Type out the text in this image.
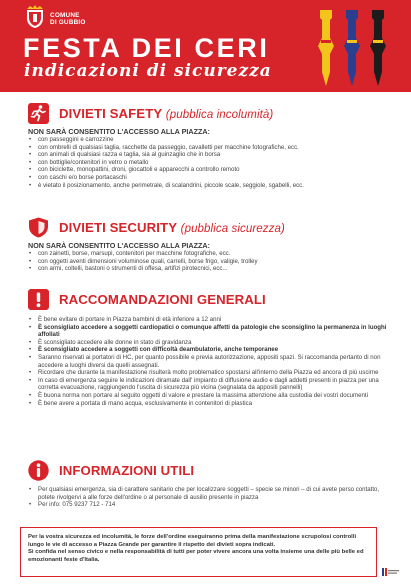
COMUNE
DI GUBBIO
FESTA DEI CERI
indicazioni di sicurezza
DIVIETI SAFETY (pubblica incolumità)
NON SARÀ CONSENTITO L'ACCESSO ALLA PIAZZA:
• con passeggini e carrozzine
• con ombrelli di qualsiasi taglia, racchette da passeggio, cavalletti per macchine fotografiche, ecc.
• con animali di qualsiasi razza e taglia, sia al guinzaglio che in borsa
• con bottiglie/contenitori in vetro o metallo
• con biciclette, monopattini, droni, giocattoli e apparecchi a controllo remoto
• con caschi e/o borse portacaschi
• è vietato il posizionamento, anche perimetrale, di scalandrini, piccole scale, seggiole, sgabelli, ecc.
DIVIETI SECURITY (pubblica sicurezza)
NON SARÀ CONSENTITO L'ACCESSO ALLA PIAZZA:
• con zainetti, borse, marsupi, contenitori per macchine fotografiche, ecc.
• con oggetti aventi dimensioni voluminose quali, carrelli, borse frigo, valigie, trolley
• con armi, coltelli, bastoni o strumenti di offesa, artifizi pirotecnici, ecc...
RACCOMANDAZIONI GENERALI
• È bene evitare di portare in Piazza bambini di età inferiore a 12 anni
• È sconsigliato accedere a soggetti cardiopatici o comunque affetti da patologie che sconsiglino la permanenza in luoghi affollati
• È sconsigliato accedere alle donne in stato di gravidanza
• È sconsigliato accedere a soggetti con difficoltà deambulatorie, anche temporanee
• Saranno riservati ai portatori di HC, per quanto possibile e previa autorizzazione, appositi spazi. Si raccomanda pertanto di non accedere a luoghi diversi da quelli assegnati.
• Ricordare che durante la manifestazione risulterà molto problematico spostarsi all'interno della Piazza ed ancora di più uscirne
• In caso di emergenza seguire le indicazioni diramate dall' impianto di diffusione audio e dagli addetti presenti in piazza per una corretta evacuazione, raggiungendo l'uscita di sicurezza più vicina (segnalata da appositi pannelli)
• È buona norma non portare al seguito oggetti di valore e prestare la massima attenzione alla custodia dei vostri documenti
• È bene avere a portata di mano acqua, esclusivamente in contenitori di plastica
INFORMAZIONI UTILI
• Per qualsiasi emergenza, sia di carattere sanitario che per localizzare soggetti – specie se minori – di cui avete perso contatto, potete rivolgervi a alle forze dell'ordine o al personale di ausilio presente in piazza
• Per info: 075 9237 712 - 714

Per la vostra sicurezza ed incolumità, le forze dell'ordine eseguiranno prima della manifestazione scrupolosi controlli lungo le vie di accesso a Piazza Grande per garantire il rispetto dei divieti sopra indicati.

Si confida nel senso civico e nella responsabilità di tutti per poter vivere ancora una volta insieme una delle più belle ed emozionanti feste d'Italia.
